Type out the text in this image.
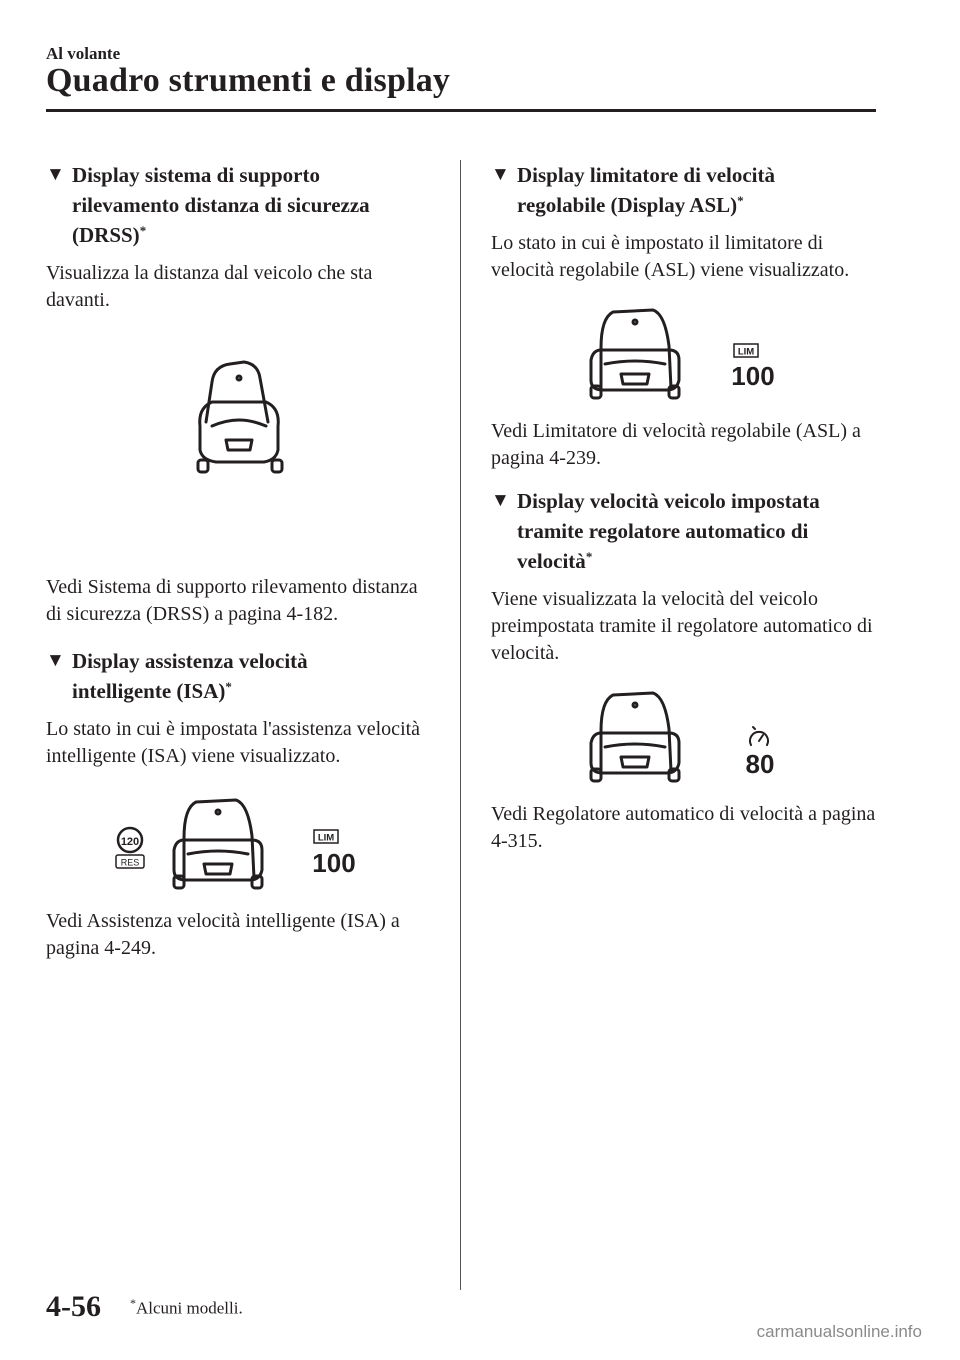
Al volante
Quadro strumenti e display
▼ Display sistema di supporto
rilevamento distanza di sicurezza
(DRSS)*

Visualizza la distanza dal veicolo che sta davanti.

Vedi Sistema di supporto rilevamento distanza di sicurezza (DRSS) a pagina 4-182.

▼ Display assistenza velocità
intelligente (ISA)*

Lo stato in cui è impostata l'assistenza velocità intelligente (ISA) viene visualizzato.

120
RES
LIM
100

Vedi Assistenza velocità intelligente (ISA) a pagina 4-249.

▼ Display limitatore di velocità
regolabile (Display ASL)*

Lo stato in cui è impostato il limitatore di velocità regolabile (ASL) viene visualizzato.

LIM
100

Vedi Limitatore di velocità regolabile (ASL) a pagina 4-239.

▼ Display velocità veicolo impostata
tramite regolatore automatico di
velocità*

Viene visualizzata la velocità del veicolo preimpostata tramite il regolatore automatico di velocità.

80

Vedi Regolatore automatico di velocità a pagina 4-315.

4-56 *Alcuni modelli.
carmanualsonline.info
